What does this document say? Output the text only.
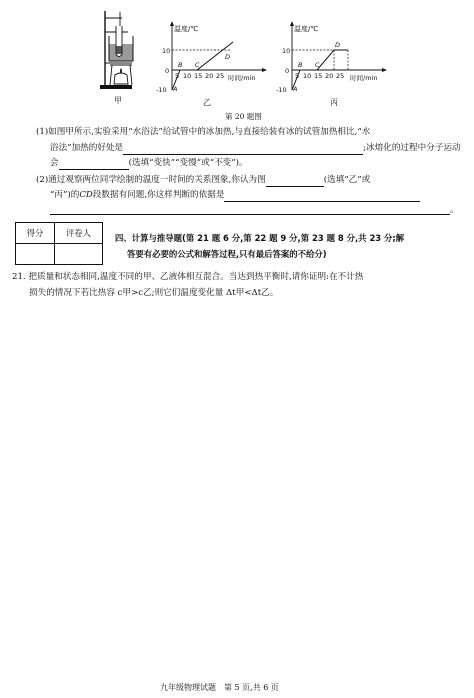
甲
温度/℃
时间/min
10
0
-10
5 10 15 20 25
A
B C
D
乙
温度/℃
时间/min
10
0
-10
5 10 15 20 25
A
B C
D
丙
第 20 题图
(1)如图甲所示,实验采用“水浴法”给试管中的冰加热,与直接给装有冰的试管加热相比,“水
浴法”加热的好处是	;冰熔化的过程中分子运动
会	(选填“变快”“变慢”或“不变”)。
(2)通过观察两位同学绘制的温度一时间的关系图象,你认为图	(选填“乙”或
“丙”)的CD段数据有问题,你这样判断的依据是
。
得分	评卷人
		四、计算与推导题(第 21 题 6 分,第 22 题 9 分,第 23 题 8 分,共 23 分;解
答要有必要的公式和解答过程,只有最后答案的不给分)
21. 把质量和状态相同,温度不同的甲、乙液体相互混合。当达到热平衡时,请你证明:在不计热
损失的情况下若比热容 c甲>c乙;则它们温度变化量 Δt甲<Δt乙。
九年级物理试题　第 5 页,共 6 页
